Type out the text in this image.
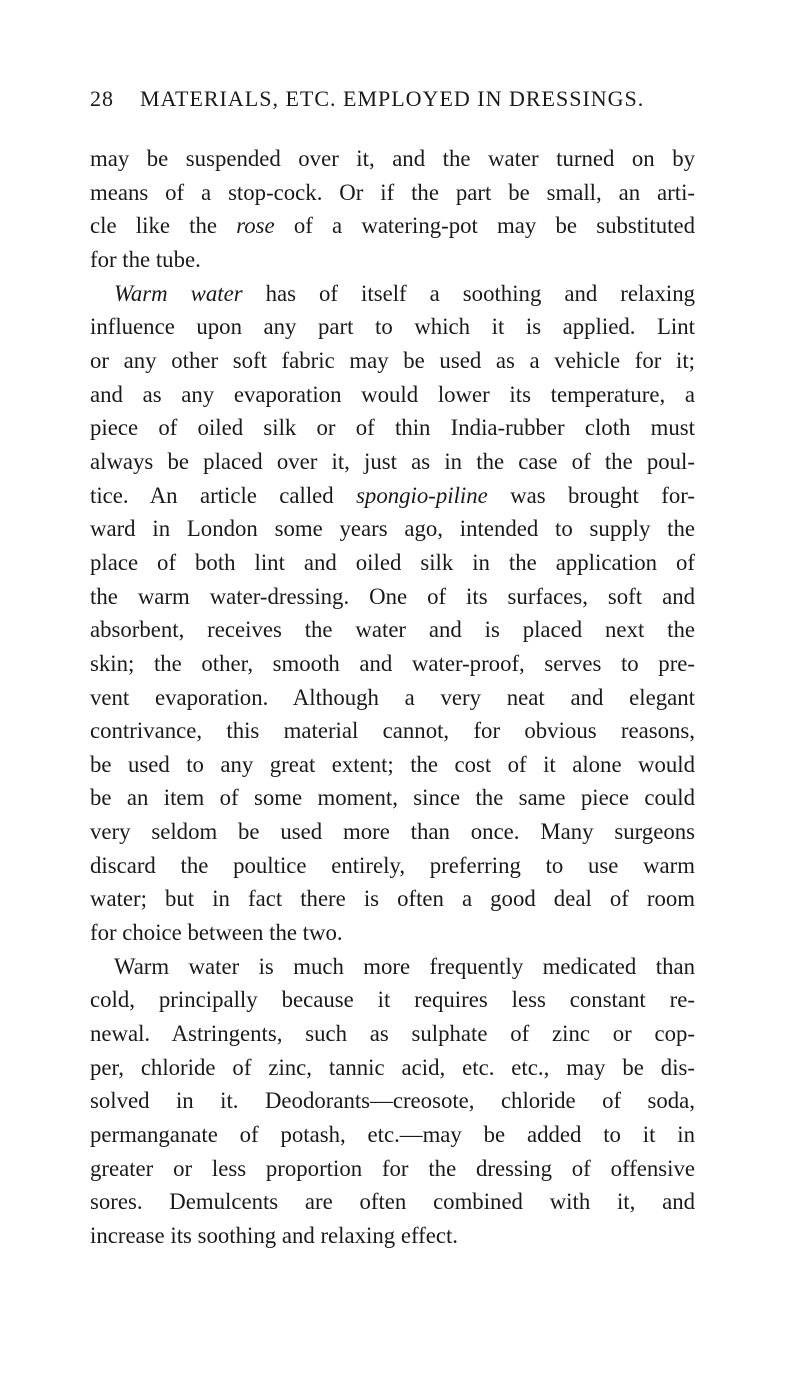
28 MATERIALS, ETC. EMPLOYED IN DRESSINGS.
may be suspended over it, and the water turned on by
means of a stop-cock. Or if the part be small, an arti-
cle like the rose of a watering-pot may be substituted
for the tube.
Warm water has of itself a soothing and relaxing
influence upon any part to which it is applied. Lint
or any other soft fabric may be used as a vehicle for it;
and as any evaporation would lower its temperature, a
piece of oiled silk or of thin India-rubber cloth must
always be placed over it, just as in the case of the poul-
tice. An article called spongio-piline was brought for-
ward in London some years ago, intended to supply the
place of both lint and oiled silk in the application of
the warm water-dressing. One of its surfaces, soft and
absorbent, receives the water and is placed next the
skin; the other, smooth and water-proof, serves to pre-
vent evaporation. Although a very neat and elegant
contrivance, this material cannot, for obvious reasons,
be used to any great extent; the cost of it alone would
be an item of some moment, since the same piece could
very seldom be used more than once. Many surgeons
discard the poultice entirely, preferring to use warm
water; but in fact there is often a good deal of room
for choice between the two.
Warm water is much more frequently medicated than
cold, principally because it requires less constant re-
newal. Astringents, such as sulphate of zinc or cop-
per, chloride of zinc, tannic acid, etc. etc., may be dis-
solved in it. Deodorants—creosote, chloride of soda,
permanganate of potash, etc.—may be added to it in
greater or less proportion for the dressing of offensive
sores. Demulcents are often combined with it, and
increase its soothing and relaxing effect.
